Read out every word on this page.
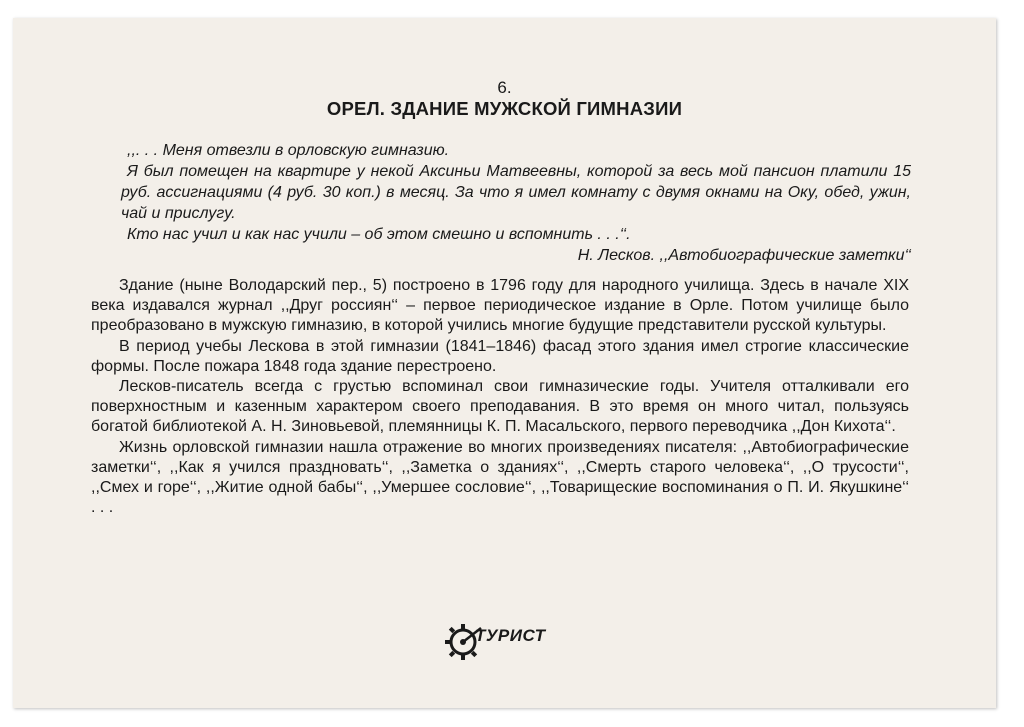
6.
ОРЕЛ. ЗДАНИЕ МУЖСКОЙ ГИМНАЗИИ

,,. . . Меня отвезли в орловскую гимназию.

Я был помещен на квартире у некой Аксиньи Матвеевны, которой за весь мой пансион платили 15 руб. ассигнациями (4 руб. 30 коп.) в месяц. За что я имел комнату с двумя окнами на Оку, обед, ужин, чай и прислугу.

Кто нас учил и как нас учили – об этом смешно и вспомнить . . .‘‘.

Н. Лесков. ,,Автобиографические заметки‘‘

Здание (ныне Володарский пер., 5) построено в 1796 году для народного училища. Здесь в начале XIX века издавался журнал ,,Друг россиян‘‘ – первое периодическое издание в Орле. Потом училище было преобразовано в мужскую гимназию, в которой учились многие будущие представители русской культуры.

В период учебы Лескова в этой гимназии (1841–1846) фасад этого здания имел строгие классические формы. После пожара 1848 года здание перестроено.

Лесков-писатель всегда с грустью вспоминал свои гимназические годы. Учителя отталкивали его поверхностным и казенным характером своего преподавания. В это время он много читал, пользуясь богатой библиотекой А. Н. Зиновьевой, племянницы К. П. Масальского, первого переводчика ,,Дон Кихота‘‘.

Жизнь орловской гимназии нашла отражение во многих произведениях писателя: ,,Автобиографические заметки‘‘, ,,Как я учился праздновать‘‘, ,,Заметка о зданиях‘‘, ,,Смерть старого человека‘‘, ,,О трусости‘‘, ,,Смех и горе‘‘, ,,Житие одной бабы‘‘, ,,Умершее сословие‘‘, ,,Товарищеские воспоминания о П. И. Якушкине‘‘ . . .

ТУРИСТ
